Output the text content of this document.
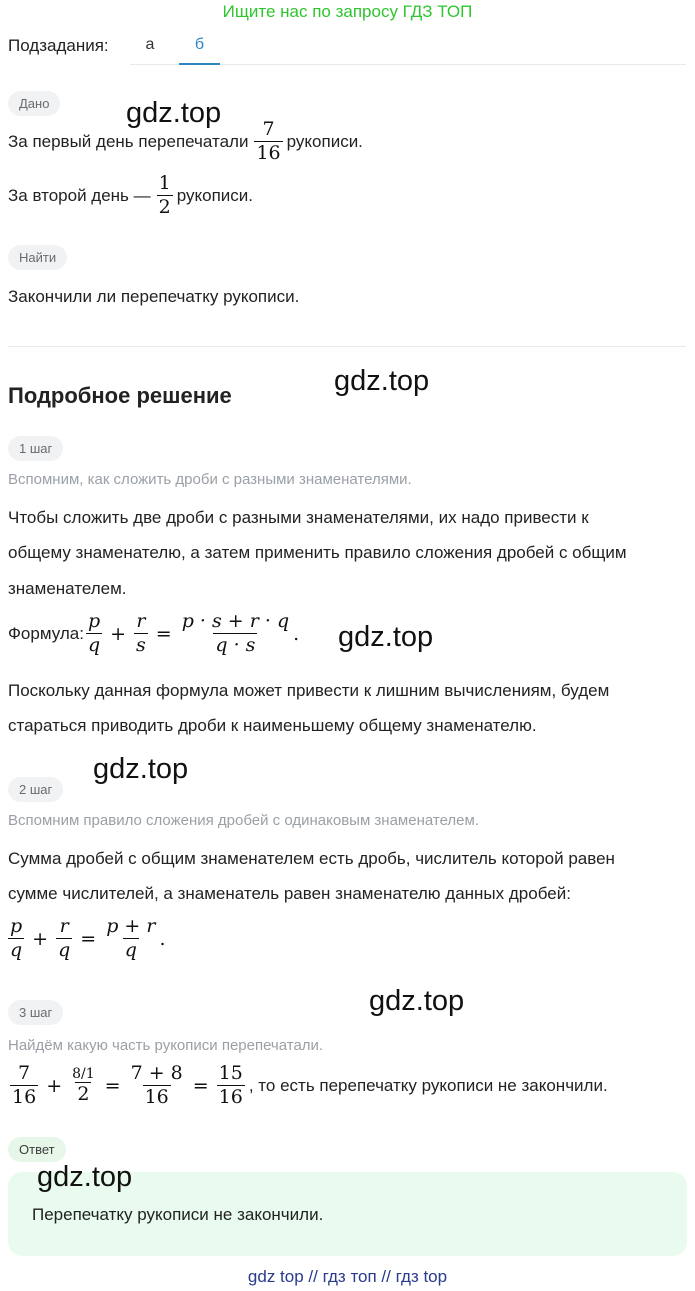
Ищите нас по запросу ГДЗ ТОП
Подзадания:	а	б
Дано
За первый день перепечатали $\frac{7}{16}$ рукописи.
За второй день — $\frac{1}{2}$ рукописи.
Найти
Закончили ли перепечатку рукописи.
Подробное решение
1 шаг
Вспомним, как сложить дроби с разными знаменателями.
Чтобы сложить две дроби с разными знаменателями, их надо привести к
общему знаменателю, а затем применить правило сложения дробей с общим
знаменателем.
Формула: $\frac{p}{q} + \frac{r}{s} = \frac{p \cdot s + r \cdot q}{q \cdot s}$ .
Поскольку данная формула может привести к лишним вычислениям, будем
стараться приводить дроби к наименьшему общему знаменателю.
2 шаг
Вспомним правило сложения дробей с одинаковым знаменателем.
Сумма дробей с общим знаменателем есть дробь, числитель которой равен
сумме числителей, а знаменатель равен знаменателю данных дробей:
$\frac{p}{q} + \frac{r}{q} = \frac{p + r}{q}$ .
3 шаг
Найдём какую часть рукописи перепечатали.
$\frac{7}{16} + \frac{8/1}{2} = \frac{7 + 8}{16} = \frac{15}{16}$ , то есть перепечатку рукописи не закончили.
Ответ
Перепечатку рукописи не закончили.
gdz.top
gdz.top
gdz.top
gdz.top
gdz.top
gdz.top
gdz top // гдз топ // гдз top
